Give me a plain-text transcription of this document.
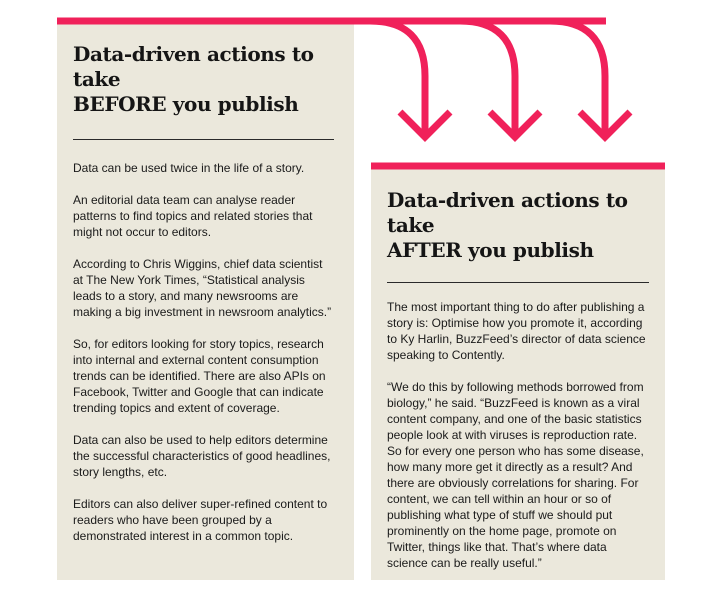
Data-driven actions to take
BEFORE you publish

Data can be used twice in the life of a story.

An editorial data team can analyse reader patterns to find topics and related stories that might not occur to editors.

According to Chris Wiggins, chief data scientist at The New York Times, “Statistical analysis leads to a story, and many newsrooms are making a big investment in newsroom analytics.”

So, for editors looking for story topics, research into internal and external content consumption trends can be identified. There are also APIs on Facebook, Twitter and Google that can indicate trending topics and extent of coverage.

Data can also be used to help editors determine the successful characteristics of good headlines, story lengths, etc.

Editors can also deliver super-refined content to readers who have been grouped by a demonstrated interest in a common topic.

Data-driven actions to take
AFTER you publish

The most important thing to do after publishing a story is: Optimise how you promote it, according to Ky Harlin, BuzzFeed’s director of data science speaking to Contently.

“We do this by following methods borrowed from biology,” he said. “BuzzFeed is known as a viral content company, and one of the basic statistics people look at with viruses is reproduction rate. So for every one person who has some disease, how many more get it directly as a result? And there are obviously correlations for sharing. For content, we can tell within an hour or so of publishing what type of stuff we should put prominently on the home page, promote on Twitter, things like that. That’s where data science can be really useful.”
